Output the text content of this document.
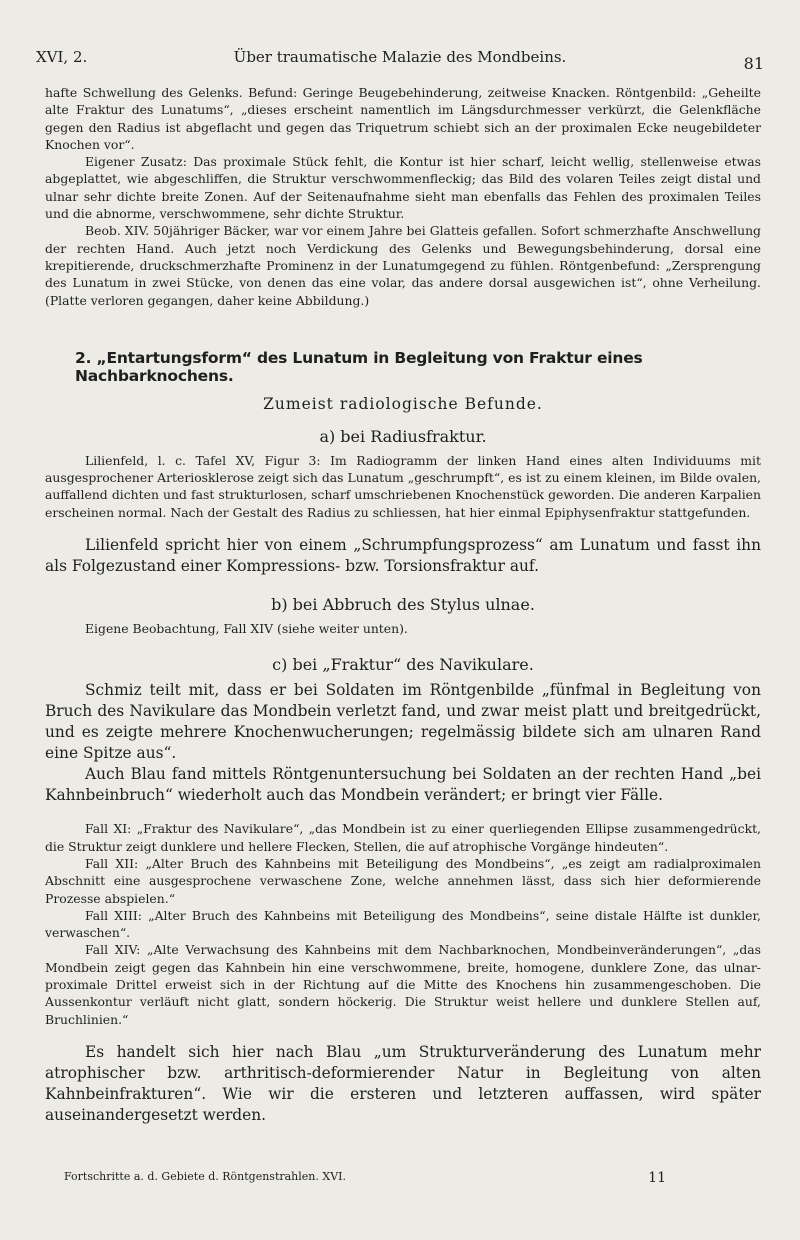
XVI, 2.	Über traumatische Malazie des Mondbeins.	81

hafte Schwellung des Gelenks. Befund: Geringe Beugebehinderung, zeitweise Knacken. Röntgenbild: „Geheilte alte Fraktur des Lunatums“, „dieses erscheint namentlich im Längsdurchmesser verkürzt, die Gelenkfläche gegen den Radius ist abgeflacht und gegen das Triquetrum schiebt sich an der proximalen Ecke neugebildeter Knochen vor“.

Eigener Zusatz: Das proximale Stück fehlt, die Kontur ist hier scharf, leicht wellig, stellenweise etwas abgeplattet, wie abgeschliffen, die Struktur verschwommenfleckig; das Bild des volaren Teiles zeigt distal und ulnar sehr dichte breite Zonen. Auf der Seitenaufnahme sieht man ebenfalls das Fehlen des proximalen Teiles und die abnorme, verschwommene, sehr dichte Struktur.

Beob. XIV. 50jähriger Bäcker, war vor einem Jahre bei Glatteis gefallen. Sofort schmerzhafte Anschwellung der rechten Hand. Auch jetzt noch Verdickung des Gelenks und Bewegungsbehinderung, dorsal eine krepitierende, druckschmerzhafte Prominenz in der Lunatumgegend zu fühlen. Röntgenbefund: „Zersprengung des Lunatum in zwei Stücke, von denen das eine volar, das andere dorsal ausgewichen ist“, ohne Verheilung. (Platte verloren gegangen, daher keine Abbildung.)

2. „Entartungsform“ des Lunatum in Begleitung von Fraktur eines Nachbarknochens.
Zumeist radiologische Befunde.
a) bei Radiusfraktur.

Lilienfeld, l. c. Tafel XV, Figur 3: Im Radiogramm der linken Hand eines alten Individuums mit ausgesprochener Arteriosklerose zeigt sich das Lunatum „geschrumpft“, es ist zu einem kleinen, im Bilde ovalen, auffallend dichten und fast strukturlosen, scharf umschriebenen Knochenstück geworden. Die anderen Karpalien erscheinen normal. Nach der Gestalt des Radius zu schliessen, hat hier einmal Epiphysenfraktur stattgefunden.

Lilienfeld spricht hier von einem „Schrumpfungsprozess“ am Lunatum und fasst ihn als Folgezustand einer Kompressions- bzw. Torsionsfraktur auf.

b) bei Abbruch des Stylus ulnae.

Eigene Beobachtung, Fall XIV (siehe weiter unten).

c) bei „Fraktur“ des Navikulare.

Schmiz teilt mit, dass er bei Soldaten im Röntgenbilde „fünfmal in Begleitung von Bruch des Navikulare das Mondbein verletzt fand, und zwar meist platt und breitgedrückt, und es zeigte mehrere Knochenwucherungen; regelmässig bildete sich am ulnaren Rand eine Spitze aus“.

Auch Blau fand mittels Röntgenuntersuchung bei Soldaten an der rechten Hand „bei Kahnbeinbruch“ wiederholt auch das Mondbein verändert; er bringt vier Fälle.

Fall XI: „Fraktur des Navikulare“, „das Mondbein ist zu einer querliegenden Ellipse zusammengedrückt, die Struktur zeigt dunklere und hellere Flecken, Stellen, die auf atrophische Vorgänge hindeuten“.

Fall XII: „Alter Bruch des Kahnbeins mit Beteiligung des Mondbeins“, „es zeigt am radialproximalen Abschnitt eine ausgesprochene verwaschene Zone, welche annehmen lässt, dass sich hier deformierende Prozesse abspielen.“

Fall XIII: „Alter Bruch des Kahnbeins mit Beteiligung des Mondbeins“, seine distale Hälfte ist dunkler, verwaschen“.

Fall XIV: „Alte Verwachsung des Kahnbeins mit dem Nachbarknochen, Mondbeinveränderungen“, „das Mondbein zeigt gegen das Kahnbein hin eine verschwommene, breite, homogene, dunklere Zone, das ulnar-proximale Drittel erweist sich in der Richtung auf die Mitte des Knochens hin zusammengeschoben. Die Aussenkontur verläuft nicht glatt, sondern höckerig. Die Struktur weist hellere und dunklere Stellen auf, Bruchlinien.“

Es handelt sich hier nach Blau „um Strukturveränderung des Lunatum mehr atrophischer bzw. arthritisch-deformierender Natur in Begleitung von alten Kahnbeinfrakturen“. Wie wir die ersteren und letzteren auffassen, wird später auseinandergesetzt werden.

Fortschritte a. d. Gebiete d. Röntgenstrahlen. XVI.	11
